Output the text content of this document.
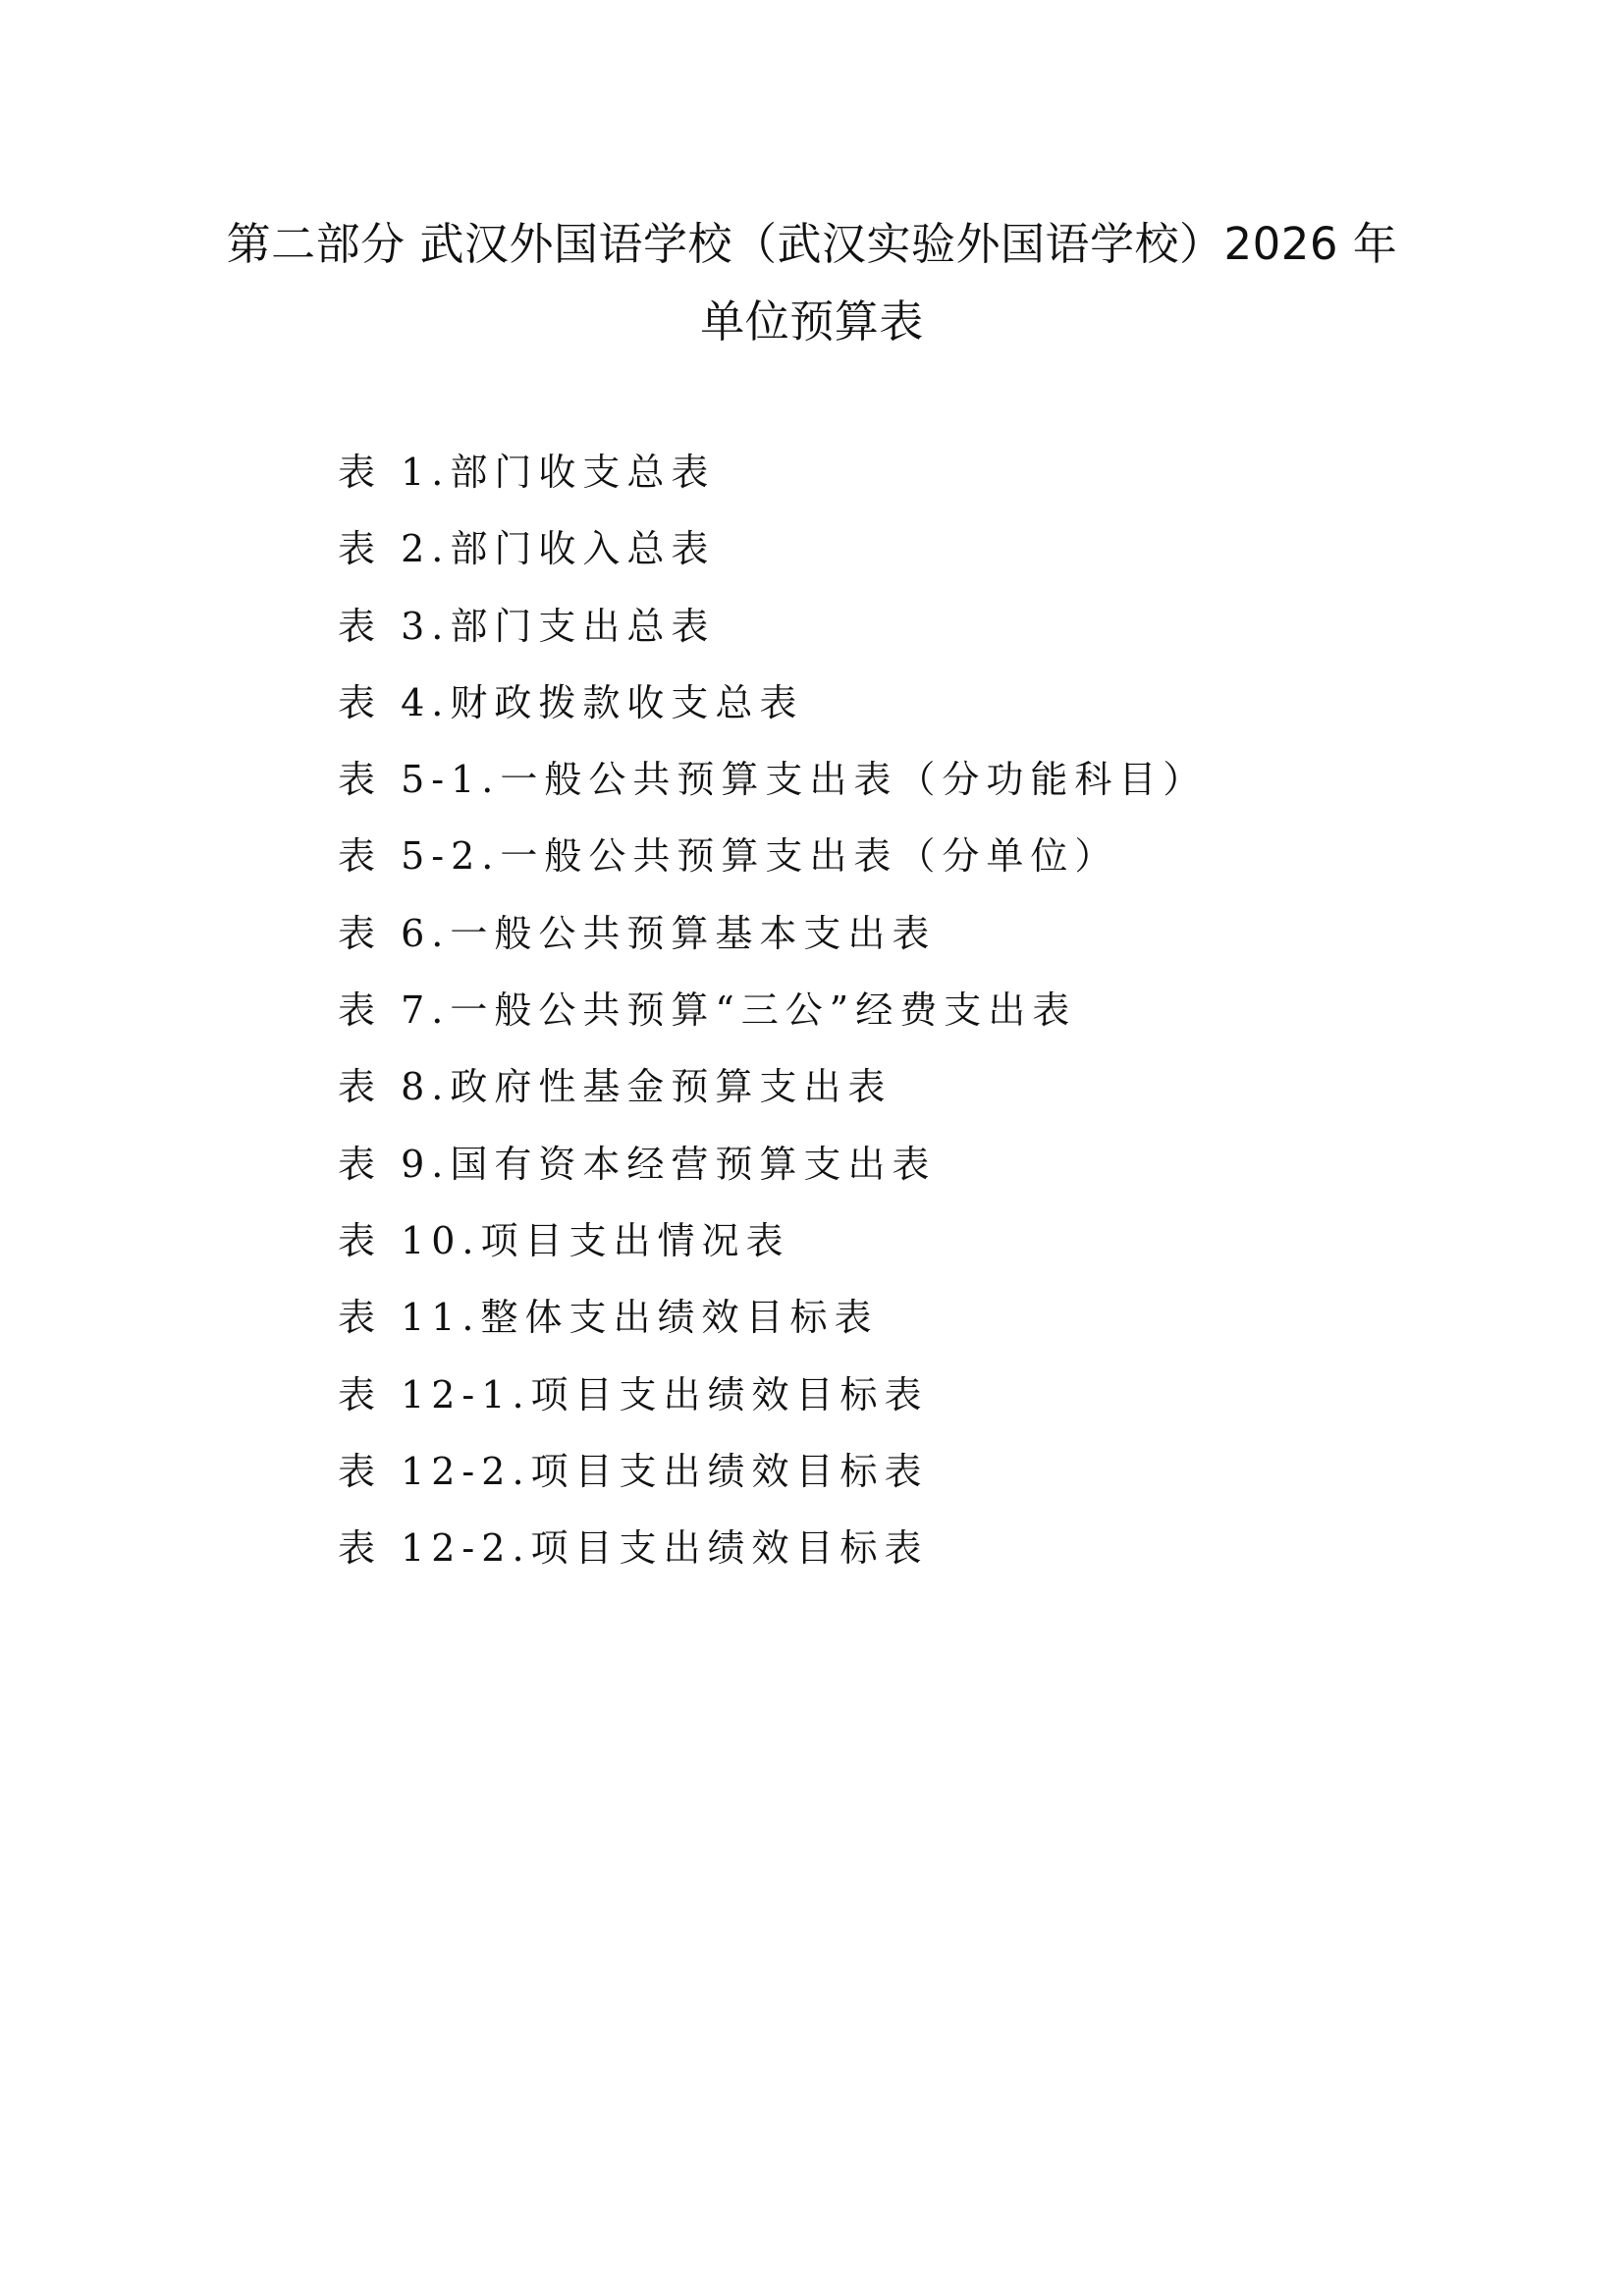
第二部分 武汉外国语学校（武汉实验外国语学校）2026 年
单位预算表
表 1.部门收支总表
表 2.部门收入总表
表 3.部门支出总表
表 4.财政拨款收支总表
表 5-1.一般公共预算支出表（分功能科目）
表 5-2.一般公共预算支出表（分单位）
表 6.一般公共预算基本支出表
表 7.一般公共预算“三公”经费支出表
表 8.政府性基金预算支出表
表 9.国有资本经营预算支出表
表 10.项目支出情况表
表 11.整体支出绩效目标表
表 12-1.项目支出绩效目标表
表 12-2.项目支出绩效目标表
表 12-2.项目支出绩效目标表
